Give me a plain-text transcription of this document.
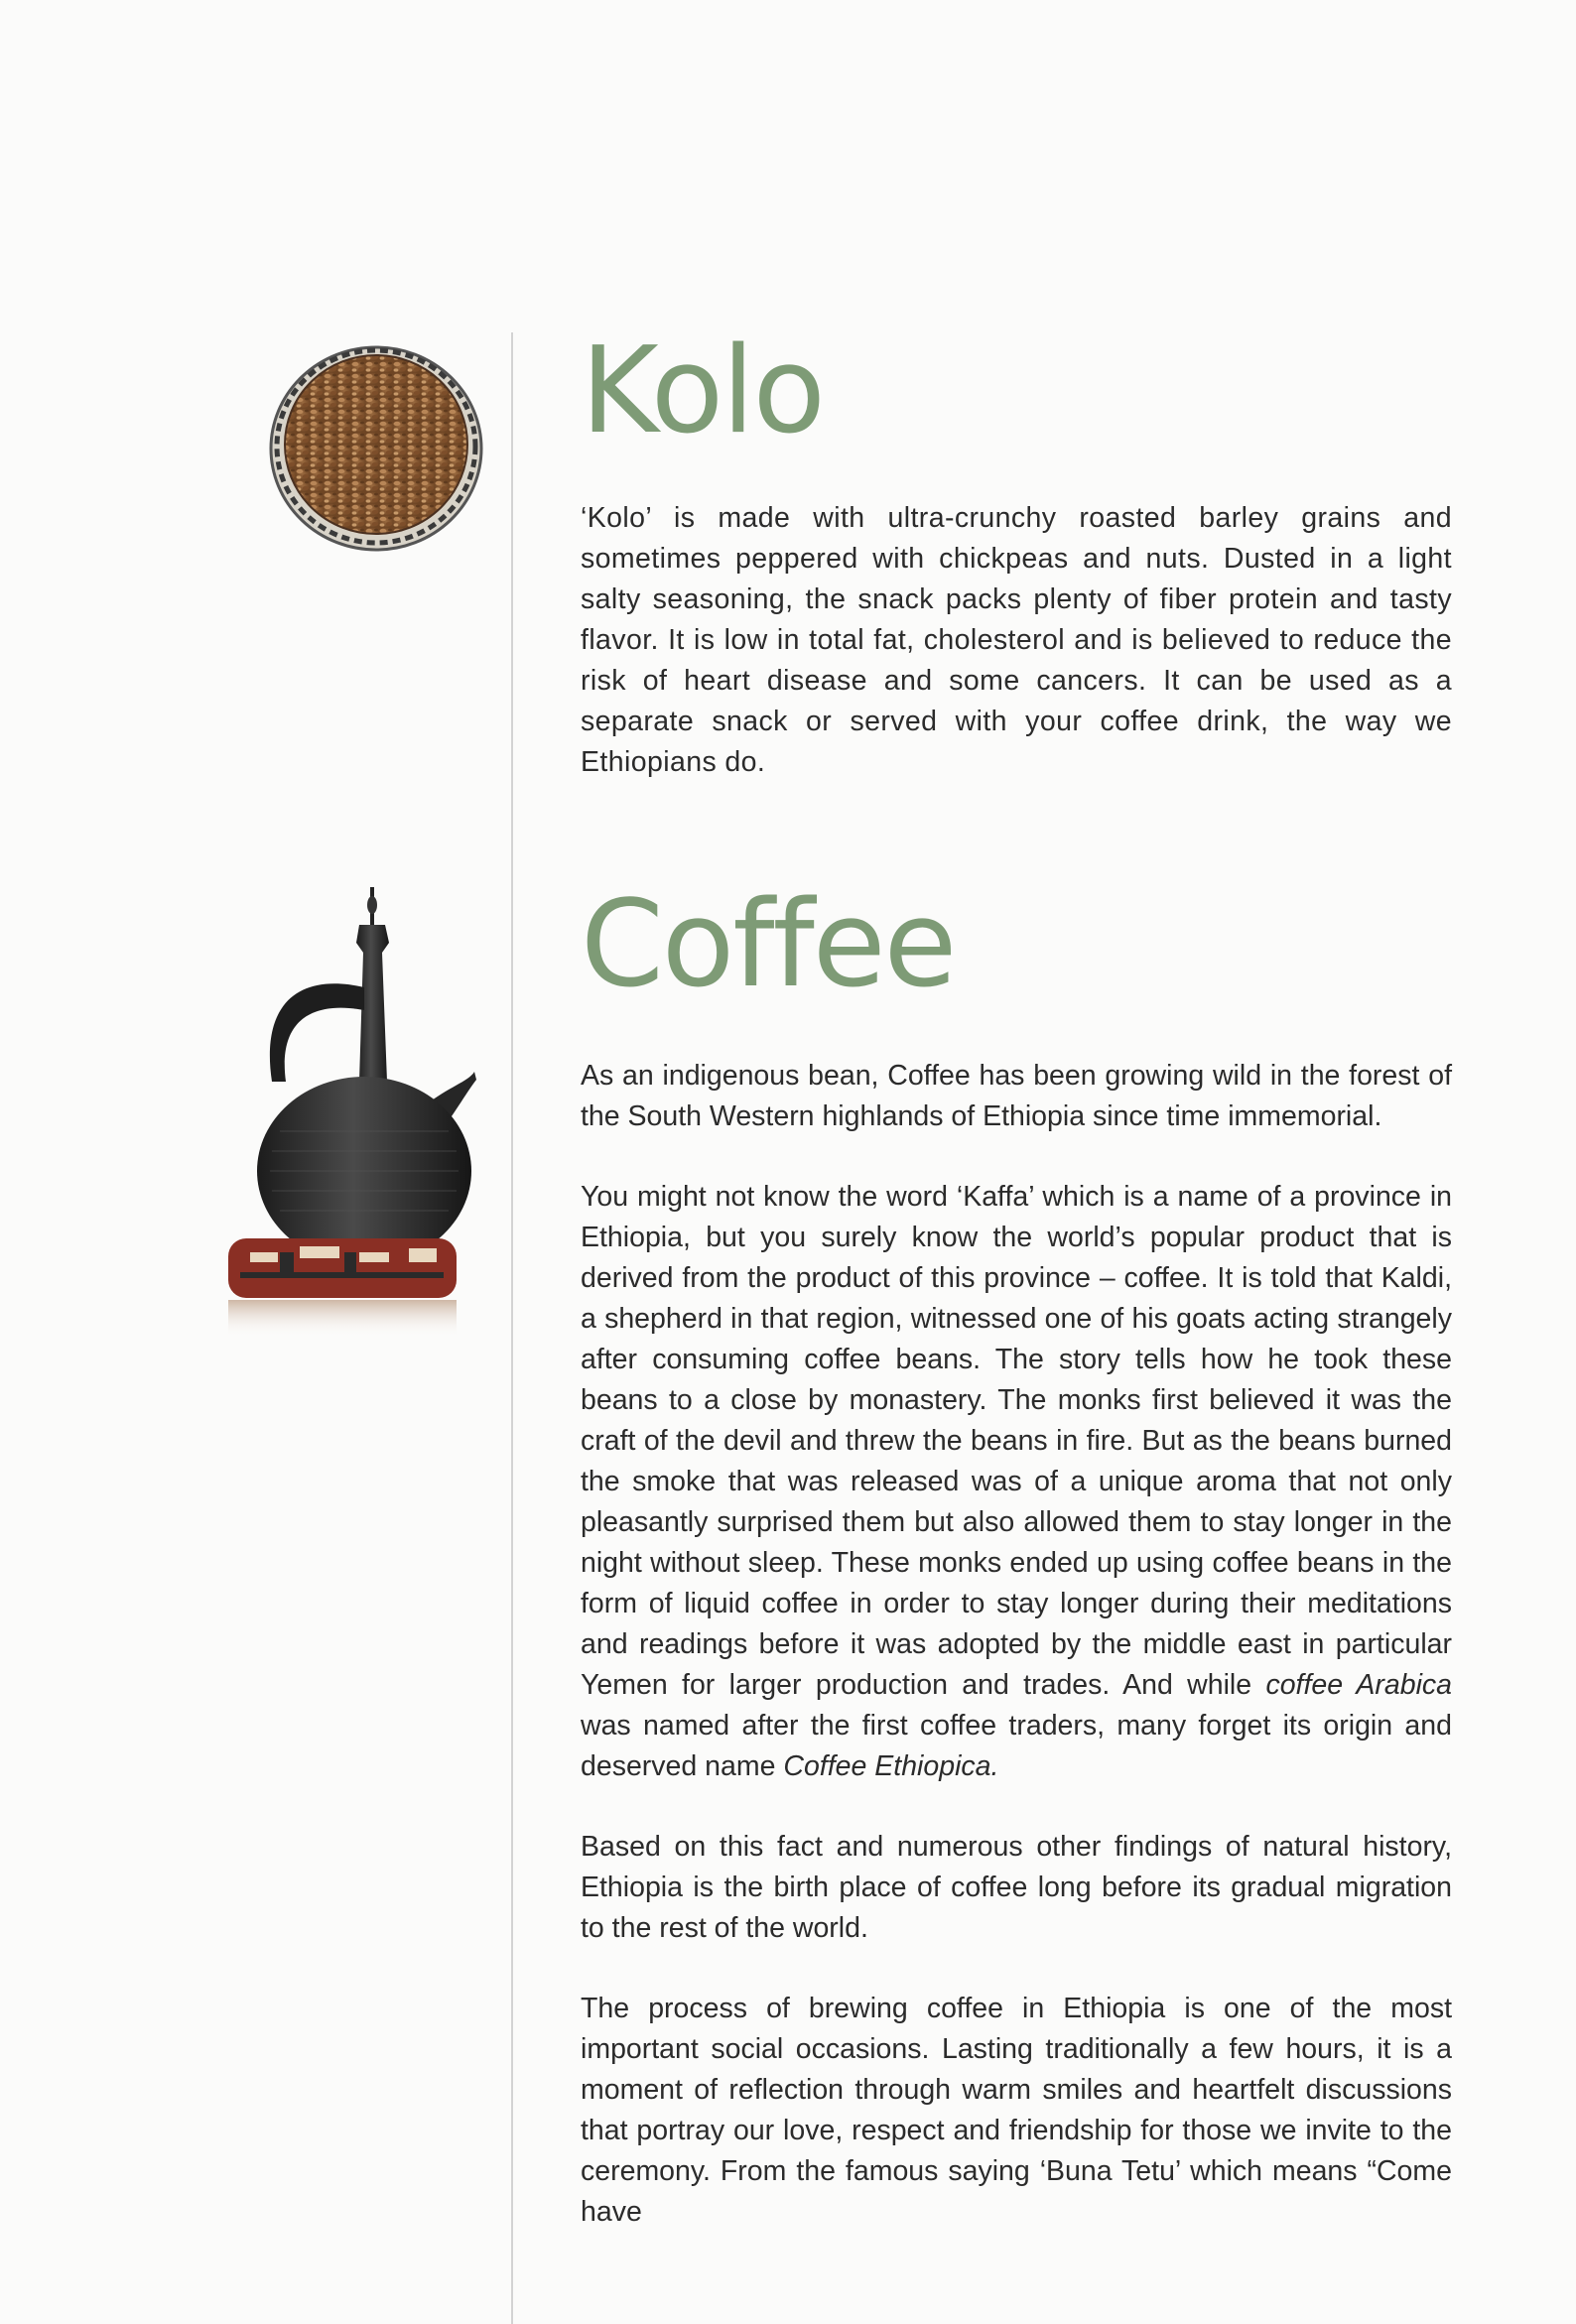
Kolo

‘Kolo’ is made with ultra-crunchy roasted barley grains and sometimes peppered with chickpeas and nuts. Dusted in a light salty seasoning, the snack packs plenty of fiber protein and tasty flavor. It is low in total fat, cholesterol and is believed to reduce the risk of heart disease and some cancers. It can be used as a separate snack or served with your coffee drink, the way we Ethiopians do.

Coffee

As an indigenous bean, Coffee has been growing wild in the forest of the South Western highlands of Ethiopia since time immemorial.

You might not know the word ‘Kaffa’ which is a name of a province in Ethiopia, but you surely know the world’s popular product that is derived from the product of this province – coffee. It is told that Kaldi, a shepherd in that region, witnessed one of his goats acting strangely after consuming coffee beans. The story tells how he took these beans to a close by monastery. The monks first believed it was the craft of the devil and threw the beans in fire. But as the beans burned the smoke that was released was of a unique aroma that not only pleasantly surprised them but also allowed them to stay longer in the night without sleep. These monks ended up using coffee beans in the form of liquid coffee in order to stay longer during their meditations and readings before it was adopted by the middle east in particular Yemen for larger production and trades. And while coffee Arabica was named after the first coffee traders, many forget its origin and deserved name Coffee Ethiopica.

Based on this fact and numerous other findings of natural history, Ethiopia is the birth place of coffee long before its gradual migration to the rest of the world.

The process of brewing coffee in Ethiopia is one of the most important social occasions. Lasting traditionally a few hours, it is a moment of reflection through warm smiles and heartfelt discussions that portray our love, respect and friendship for those we invite to the ceremony. From the famous saying ‘Buna Tetu’ which means “Come have
